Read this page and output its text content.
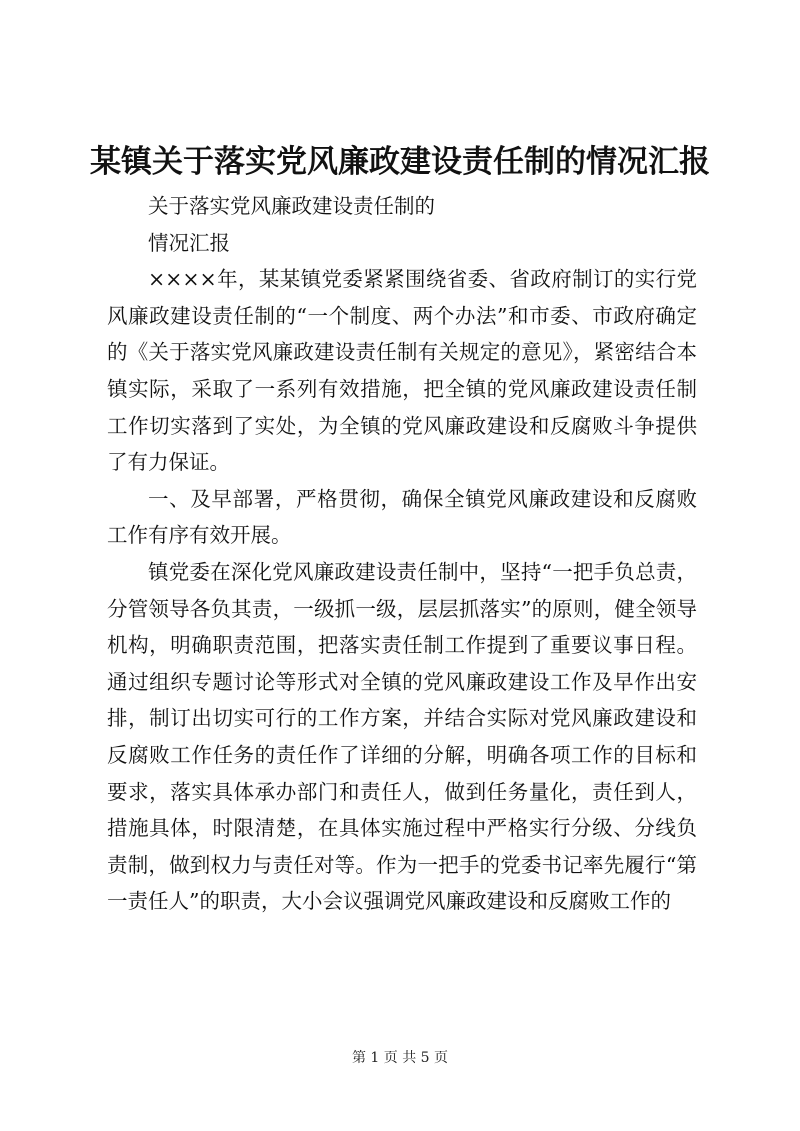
某镇关于落实党风廉政建设责任制的情况汇报

关于落实党风廉政建设责任制的

情况汇报

××××年，某某镇党委紧紧围绕省委、省政府制订的实行党风廉政建设责任制的“一个制度、两个办法”和市委、市政府确定的《关于落实党风廉政建设责任制有关规定的意见》，紧密结合本镇实际，采取了一系列有效措施，把全镇的党风廉政建设责任制工作切实落到了实处，为全镇的党风廉政建设和反腐败斗争提供了有力保证。

一、及早部署，严格贯彻，确保全镇党风廉政建设和反腐败工作有序有效开展。

镇党委在深化党风廉政建设责任制中，坚持“一把手负总责，分管领导各负其责，一级抓一级，层层抓落实”的原则，健全领导机构，明确职责范围，把落实责任制工作提到了重要议事日程。通过组织专题讨论等形式对全镇的党风廉政建设工作及早作出安排，制订出切实可行的工作方案，并结合实际对党风廉政建设和反腐败工作任务的责任作了详细的分解，明确各项工作的目标和要求，落实具体承办部门和责任人，做到任务量化，责任到人，措施具体，时限清楚，在具体实施过程中严格实行分级、分线负责制，做到权力与责任对等。作为一把手的党委书记率先履行“第一责任人”的职责，大小会议强调党风廉政建设和反腐败工作的

第 1 页 共 5 页
